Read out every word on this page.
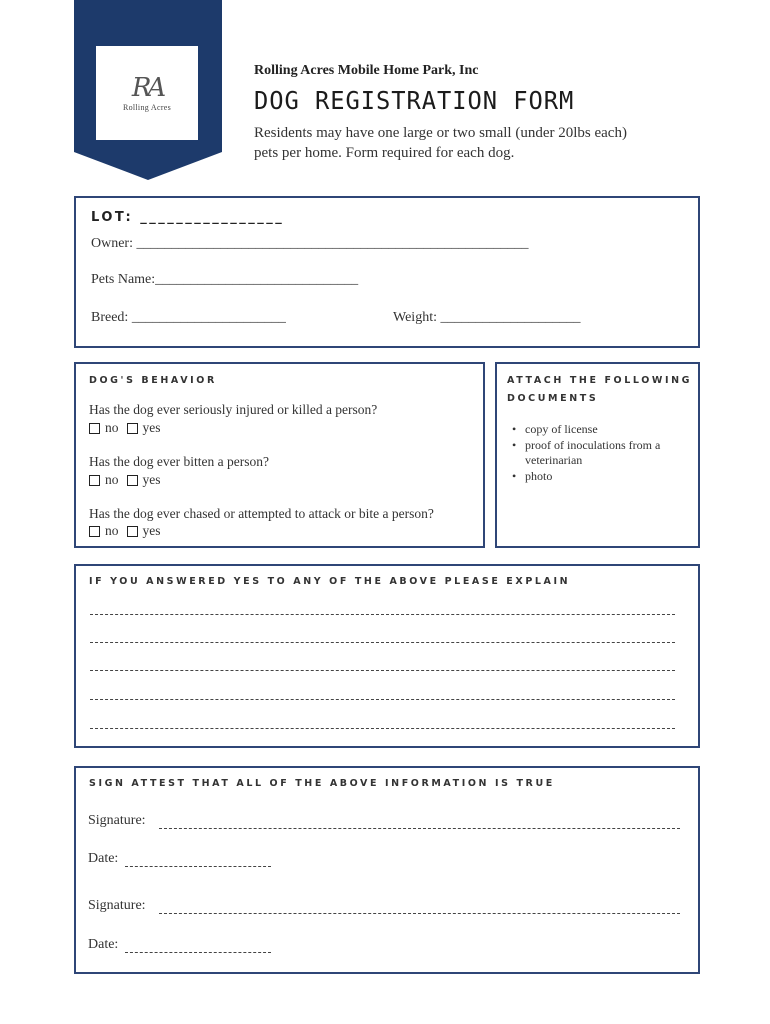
RA
Rolling Acres
Rolling Acres Mobile Home Park, Inc
DOG REGISTRATION FORM
Residents may have one large or two small (under 20lbs each) pets per home. Form required for each dog.
LOT: ________________
Owner: ________________________________________________________
Pets Name:_____________________________
Breed: ______________________	Weight: ____________________
DOG'S BEHAVIOR
Has the dog ever seriously injured or killed a person?
no yes
Has the dog ever bitten a person?
no yes
Has the dog ever chased or attempted to attack or bite a person?
no yes
ATTACH THE FOLLOWING
DOCUMENTS
• copy of license
• proof of inoculations from a veterinarian
• photo
IF YOU ANSWERED YES TO ANY OF THE ABOVE PLEASE EXPLAIN
SIGN ATTEST THAT ALL OF THE ABOVE INFORMATION IS TRUE
Signature:
Date:
Signature:
Date:
